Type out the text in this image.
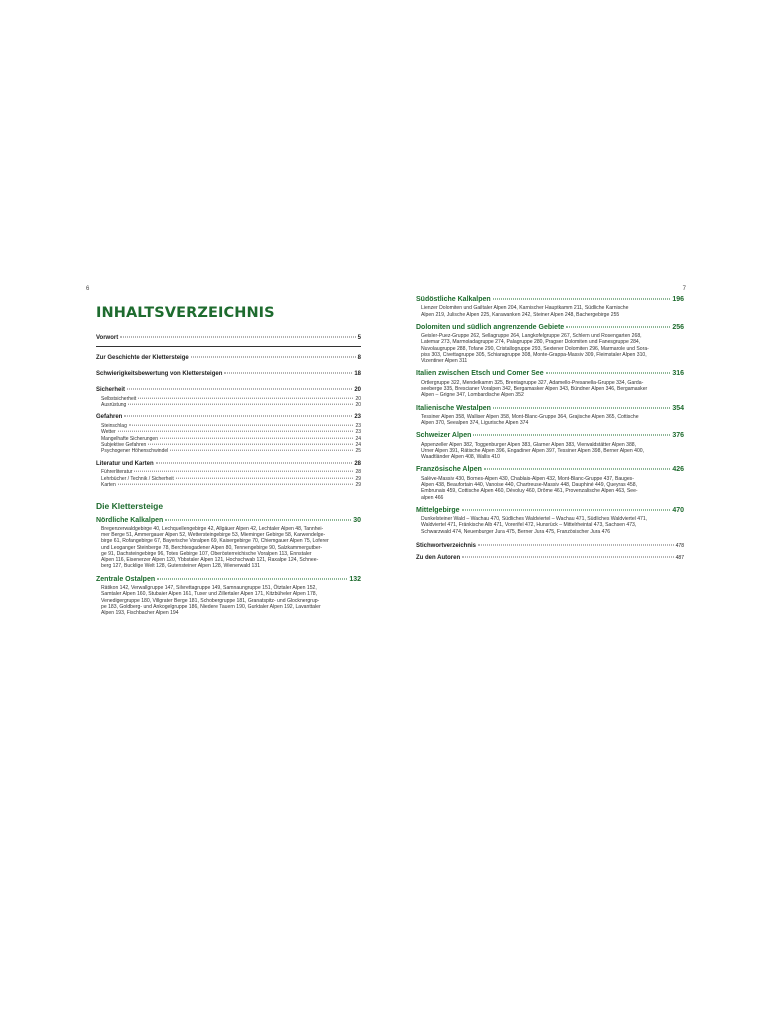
6	7
INHALTSVERZEICHNIS
Vorwort	5
Zur Geschichte der Klettersteige	8
Schwierigkeitsbewertung von Klettersteigen	18
Sicherheit	20
Selbstsicherheit	20
Ausrüstung	20
Gefahren	23
Steinschlag	23
Wetter	23
Mangelhafte Sicherungen	24
Subjektive Gefahren	24
Psychogener Höhenschwindel	25
Literatur und Karten	28
Führerliteratur	28
Lehrbücher / Technik / Sicherheit	29
Karten	29
Die Klettersteige
Nördliche Kalkalpen	30
Bregenzerwaldgebirge 40, Lechquellengebirge 42, Allgäuer Alpen 42, Lechtaler Alpen 48, Tannhei-
mer Berge 51, Ammergauer Alpen 52, Wettersteingebirge 53, Mieminger Gebirge 58, Karwendelge-
birge 61, Rofangebirge 67, Bayerische Voralpen 69, Kaisergebirge 70, Chiemgauer Alpen 75, Loferer
und Leoganger Steinberge 78, Berchtesgadener Alpen 80, Tennengebirge 90, Salzkammergutber-
ge 91, Dachsteingebirge 96, Totes Gebirge 107, Oberösterreichische Voralpen 113, Ennstaler
Alpen 116, Eisenerzer Alpen 120, Ybbstaler Alpen 121, Hochschwab 121, Raxalpe 124, Schnee-
berg 127, Bucklige Welt 128, Gutensteiner Alpen 128, Wienerwald 131
Zentrale Ostalpen	132
Rätikon 142, Verwallgruppe 147, Silvrettagruppe 149, Samnaungruppe 151, Ötztaler Alpen 152,
Samtaler Alpen 160, Stubaier Alpen 161, Tuxer und Zillertaler Alpen 171, Kitzbüheler Alpen 178,
Venedigergruppe 180, Villgrater Berge 181, Schobergruppe 181, Granatspitz- und Glocknergrup-
pe 183, Goldberg- und Ankogelgruppe 186, Niedere Tauern 190, Gurktaler Alpen 192, Lavanttaler
Alpen 193, Fischbacher Alpen 194
Südöstliche Kalkalpen	196
Lienzer Dolomiten und Gailtaler Alpen 204, Karnischer Hauptkamm 211, Südliche Karnische
Alpen 219, Julische Alpen 225, Karawanken 242, Steiner Alpen 248, Bachergebirge 255
Dolomiten und südlich angrenzende Gebiete	256
Geisler-Puez-Gruppe 262, Sellagruppe 264, Langkofelgruppe 267, Schlern und Rosengarten 268,
Latemar 273, Marmoladagruppe 274, Palagruppe 280, Pragser Dolomiten und Fanesgruppe 284,
Nuvolaugruppe 288, Tofane 290, Cristallogruppe 293, Sextener Dolomiten 296, Marmarole und Sora-
piss 303, Civettagruppe 305, Schiaragruppe 308, Monte-Grappa-Massiv 309, Fleimstaler Alpen 310,
Vizentiner Alpen 311
Italien zwischen Etsch und Comer See	316
Ortlergruppe 322, Mendelkamm 325, Brentagruppe 327, Adamello-Presanella-Gruppe 334, Garda-
seeberge 335, Brescianer Voralpen 342, Bergamasker Alpen 343, Bündner Alpen 346, Bergamasker
Alpen – Grigne 347, Lombardische Alpen 352
Italienische Westalpen	354
Tessiner Alpen 358, Walliser Alpen 358, Mont-Blanc-Gruppe 364, Grajische Alpen 365, Cottische
Alpen 370, Seealpen 374, Ligurische Alpen 374
Schweizer Alpen	376
Appenzeller Alpen 382, Toggenburger Alpen 383, Glarner Alpen 383, Vierwaldstätter Alpen 388,
Urner Alpen 391, Rätische Alpen 396, Engadiner Alpen 397, Tessiner Alpen 398, Berner Alpen 400,
Waadtländer Alpen 408, Wallis 410
Französische Alpen	426
Salève-Massiv 430, Bornes-Alpen 430, Chablais-Alpen 432, Mont-Blanc-Gruppe 437, Bauges-
Alpen 438, Beaufortain 440, Vanoise 440, Chartreuse-Massiv 448, Dauphiné 449, Queyras 458,
Embrunais 459, Cottische Alpen 460, Dévoluy 460, Drôme 461, Provenzalische Alpen 463, See-
alpen 466
Mittelgebirge	470
Dunkelsteiner Wald – Wachau 470, Südliches Waldviertel – Wachau 471, Südliches Waldviertel 471,
Waldviertel 471, Fränkische Alb 471, Vorerifel 472, Hunsrück – Mittelrheintal 473, Sachsen 473,
Schwarzwald 474, Neuenburger Jura 475, Berner Jura 475, Französischer Jura 476
Stichwortverzeichnis	478
Zu den Autoren	487
